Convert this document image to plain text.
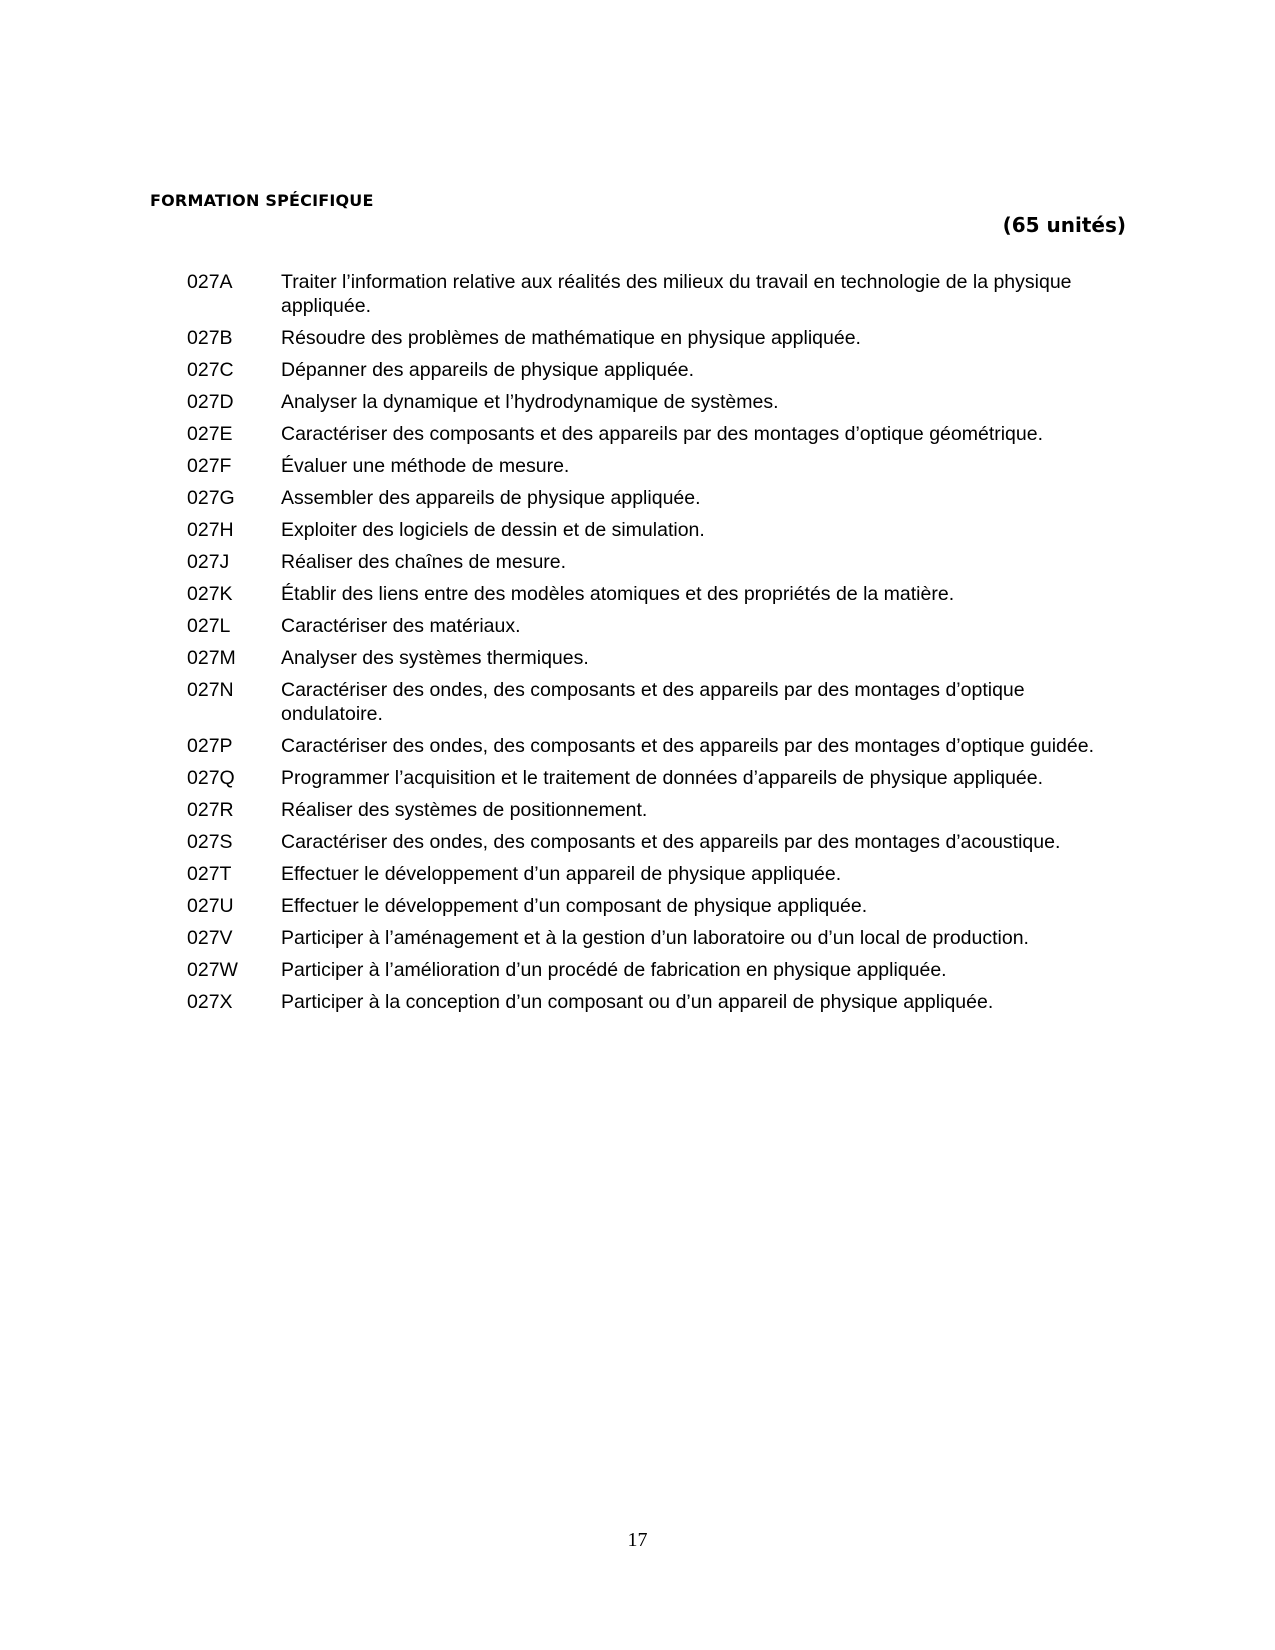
FORMATION SPÉCIFIQUE
(65 unités)
027A	Traiter l’information relative aux réalités des milieux du travail en technologie de la physique appliquée.
027B	Résoudre des problèmes de mathématique en physique appliquée.
027C	Dépanner des appareils de physique appliquée.
027D	Analyser la dynamique et l’hydrodynamique de systèmes.
027E	Caractériser des composants et des appareils par des montages d’optique géométrique.
027F	Évaluer une méthode de mesure.
027G	Assembler des appareils de physique appliquée.
027H	Exploiter des logiciels de dessin et de simulation.
027J	Réaliser des chaînes de mesure.
027K	Établir des liens entre des modèles atomiques et des propriétés de la matière.
027L	Caractériser des matériaux.
027M	Analyser des systèmes thermiques.
027N	Caractériser des ondes, des composants et des appareils par des montages d’optique ondulatoire.
027P	Caractériser des ondes, des composants et des appareils par des montages d’optique guidée.
027Q	Programmer l’acquisition et le traitement de données d’appareils de physique appliquée.
027R	Réaliser des systèmes de positionnement.
027S	Caractériser des ondes, des composants et des appareils par des montages d’acoustique.
027T	Effectuer le développement d’un appareil de physique appliquée.
027U	Effectuer le développement d’un composant de physique appliquée.
027V	Participer à l’aménagement et à la gestion d’un laboratoire ou d’un local de production.
027W	Participer à l’amélioration d’un procédé de fabrication en physique appliquée.
027X	Participer à la conception d’un composant ou d’un appareil de physique appliquée.
17
